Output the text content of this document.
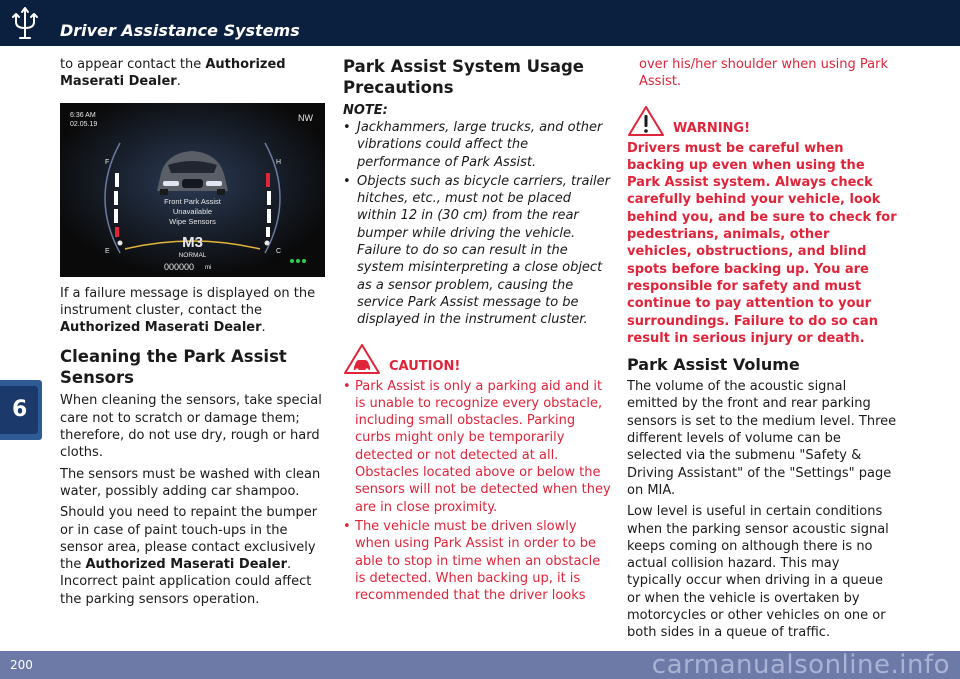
Driver Assistance Systems
6

to appear contact the Authorized Maserati Dealer.

6:36 AM
02.05.19
NW
F
E
H
C
Front Park Assist
Unavailable
Wipe Sensors
M3
NORMAL
000000 mi

If a failure message is displayed on the instrument cluster, contact the Authorized Maserati Dealer.

Cleaning the Park Assist Sensors

When cleaning the sensors, take special care not to scratch or damage them; therefore, do not use dry, rough or hard cloths.

The sensors must be washed with clean water, possibly adding car shampoo.

Should you need to repaint the bumper or in case of paint touch-ups in the sensor area, please contact exclusively the Authorized Maserati Dealer. Incorrect paint application could affect the parking sensors operation.

Park Assist System Usage Precautions
NOTE:
• Jackhammers, large trucks, and other vibrations could affect the performance of Park Assist.
• Objects such as bicycle carriers, trailer hitches, etc., must not be placed within 12 in (30 cm) from the rear bumper while driving the vehicle. Failure to do so can result in the system misinterpreting a close object as a sensor problem, causing the service Park Assist message to be displayed in the instrument cluster.
CAUTION!
• Park Assist is only a parking aid and it is unable to recognize every obstacle, including small obstacles. Parking curbs might only be temporarily detected or not detected at all. Obstacles located above or below the sensors will not be detected when they are in close proximity.
• The vehicle must be driven slowly when using Park Assist in order to be able to stop in time when an obstacle is detected. When backing up, it is recommended that the driver looks

over his/her shoulder when using Park Assist.

WARNING!

Drivers must be careful when backing up even when using the Park Assist system. Always check carefully behind your vehicle, look behind you, and be sure to check for pedestrians, animals, other vehicles, obstructions, and blind spots before backing up. You are responsible for safety and must continue to pay attention to your surroundings. Failure to do so can result in serious injury or death.

Park Assist Volume

The volume of the acoustic signal emitted by the front and rear parking sensors is set to the medium level. Three different levels of volume can be selected via the submenu "Safety & Driving Assistant" of the "Settings" page on MIA.

Low level is useful in certain conditions when the parking sensor acoustic signal keeps coming on although there is no actual collision hazard. This may typically occur when driving in a queue or when the vehicle is overtaken by motorcycles or other vehicles on one or both sides in a queue of traffic.

200	carmanualsonline.info
